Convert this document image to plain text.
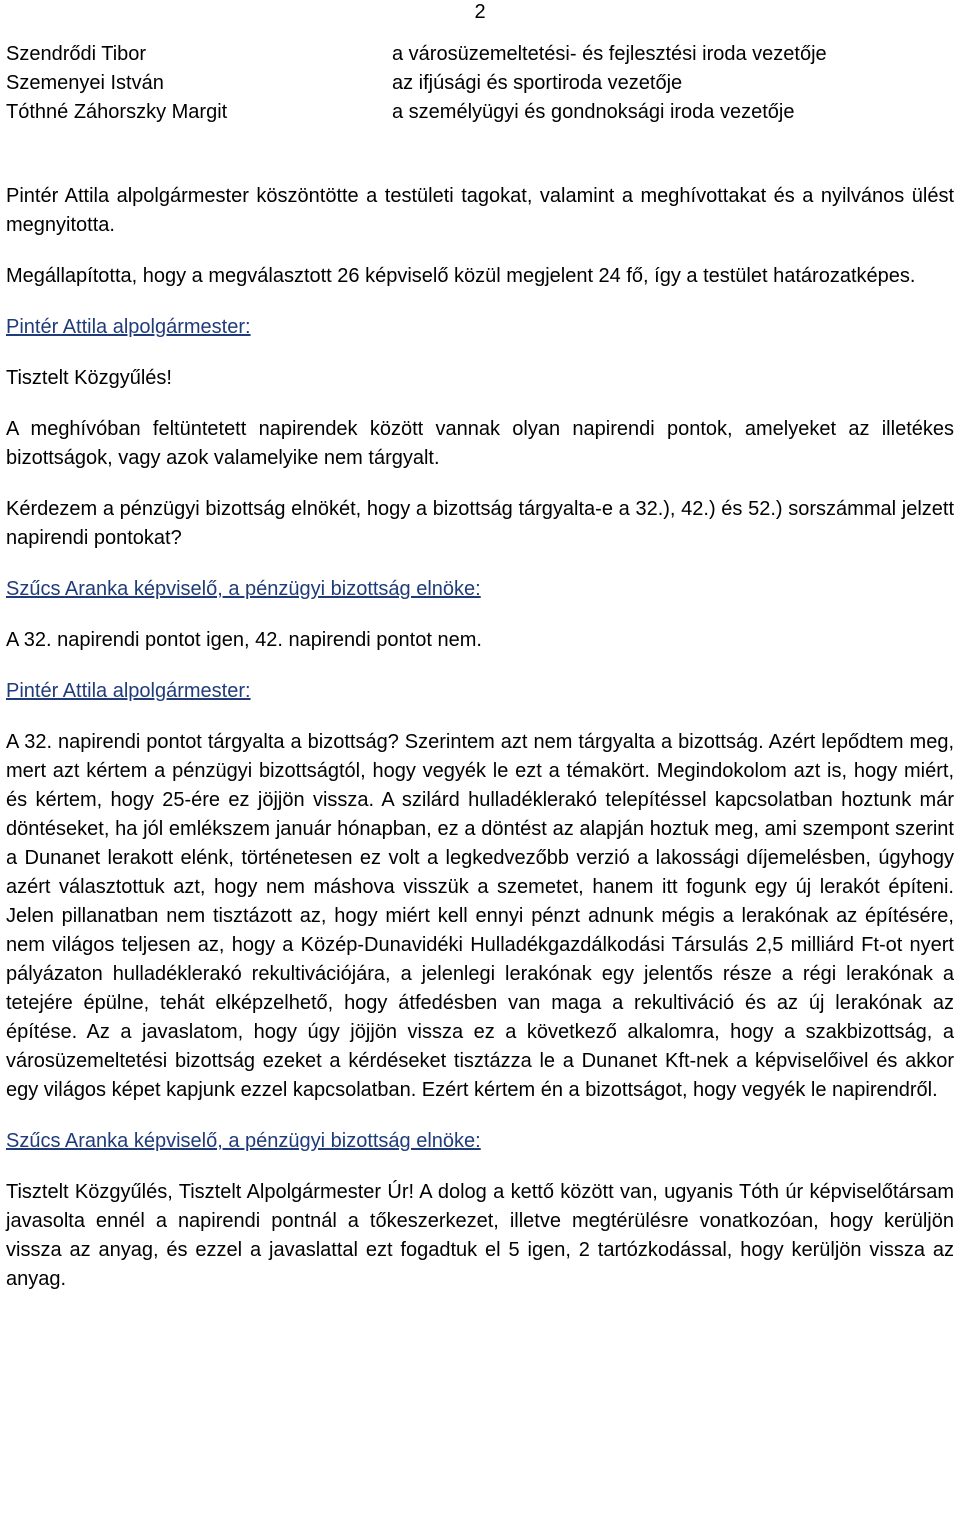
2
Szendrődi Tibor	a városüzemeltetési- és fejlesztési iroda vezetője
Szemenyei István	az ifjúsági és sportiroda vezetője
Tóthné Záhorszky Margit	a személyügyi és gondnoksági iroda vezetője

Pintér Attila alpolgármester köszöntötte a testületi tagokat, valamint a meghívottakat és a nyilvános ülést megnyitotta.

Megállapította, hogy a megválasztott 26 képviselő közül megjelent 24 fő, így a testület határozatképes.

Pintér Attila alpolgármester:

Tisztelt Közgyűlés!

A meghívóban feltüntetett napirendek között vannak olyan napirendi pontok, amelyeket az illetékes bizottságok, vagy azok valamelyike nem tárgyalt.

Kérdezem a pénzügyi bizottság elnökét, hogy a bizottság tárgyalta-e a 32.), 42.) és 52.) sorszámmal jelzett napirendi pontokat?

Szűcs Aranka képviselő, a pénzügyi bizottság elnöke:

A 32. napirendi pontot igen, 42. napirendi pontot nem.

Pintér Attila alpolgármester:

A 32. napirendi pontot tárgyalta a bizottság? Szerintem azt nem tárgyalta a bizottság. Azért lepődtem meg, mert azt kértem a pénzügyi bizottságtól, hogy vegyék le ezt a témakört. Megindokolom azt is, hogy miért, és kértem, hogy 25-ére ez jöjjön vissza. A szilárd hulladéklerakó telepítéssel kapcsolatban hoztunk már döntéseket, ha jól emlékszem január hónapban, ez a döntést az alapján hoztuk meg, ami szempont szerint a Dunanet lerakott elénk, történetesen ez volt a legkedvezőbb verzió a lakossági díjemelésben, úgyhogy azért választottuk azt, hogy nem máshova visszük a szemetet, hanem itt fogunk egy új lerakót építeni. Jelen pillanatban nem tisztázott az, hogy miért kell ennyi pénzt adnunk mégis a lerakónak az építésére, nem világos teljesen az, hogy a Közép-Dunavidéki Hulladékgazdálkodási Társulás 2,5 milliárd Ft-ot nyert pályázaton hulladéklerakó rekultivációjára, a jelenlegi lerakónak egy jelentős része a régi lerakónak a tetejére épülne, tehát elképzelhető, hogy átfedésben van maga a rekultiváció és az új lerakónak az építése. Az a javaslatom, hogy úgy jöjjön vissza ez a következő alkalomra, hogy a szakbizottság, a városüzemeltetési bizottság ezeket a kérdéseket tisztázza le a Dunanet Kft-nek a képviselőivel és akkor egy világos képet kapjunk ezzel kapcsolatban. Ezért kértem én a bizottságot, hogy vegyék le napirendről.

Szűcs Aranka képviselő, a pénzügyi bizottság elnöke:

Tisztelt Közgyűlés, Tisztelt Alpolgármester Úr! A dolog a kettő között van, ugyanis Tóth úr képviselőtársam javasolta ennél a napirendi pontnál a tőkeszerkezet, illetve megtérülésre vonatkozóan, hogy kerüljön vissza az anyag, és ezzel a javaslattal ezt fogadtuk el 5 igen, 2 tartózkodással, hogy kerüljön vissza az anyag.
